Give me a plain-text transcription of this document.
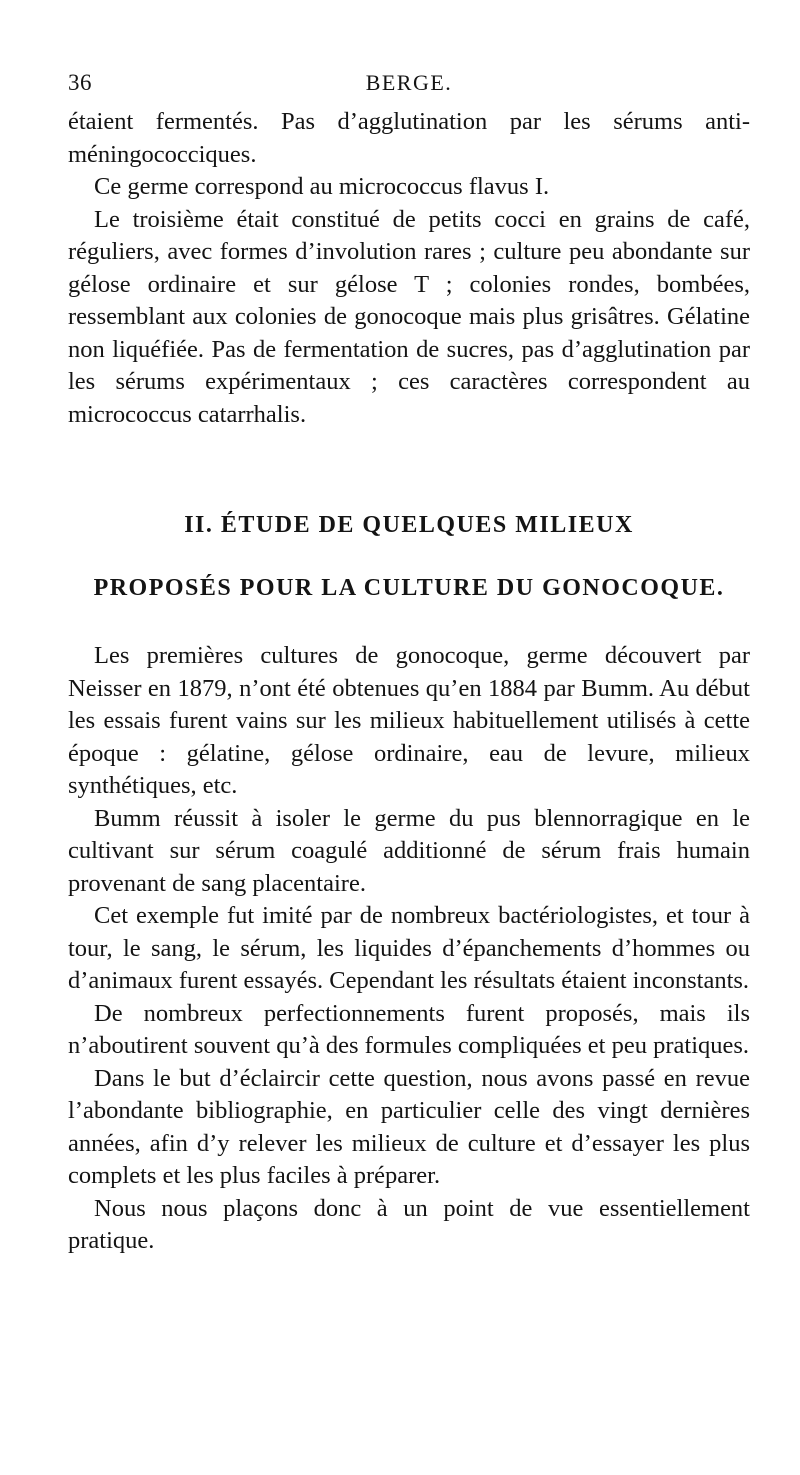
36	BERGE.

étaient fermentés. Pas d’agglutination par les sérums anti-méningococciques.

Ce germe correspond au micrococcus flavus I.

Le troisième était constitué de petits cocci en grains de café, réguliers, avec formes d’involution rares ; culture peu abondante sur gélose ordinaire et sur gélose T ; colonies rondes, bombées, ressemblant aux colonies de gonocoque mais plus grisâtres. Gélatine non liquéfiée. Pas de fermentation de sucres, pas d’agglutination par les sérums expérimentaux ; ces caractères correspondent au micrococcus catarrhalis.

II. ÉTUDE DE QUELQUES MILIEUX
PROPOSÉS POUR LA CULTURE DU GONOCOQUE.

Les premières cultures de gonocoque, germe découvert par Neisser en 1879, n’ont été obtenues qu’en 1884 par Bumm. Au début les essais furent vains sur les milieux habituellement utilisés à cette époque : gélatine, gélose ordinaire, eau de levure, milieux synthétiques, etc.

Bumm réussit à isoler le germe du pus blennorragique en le cultivant sur sérum coagulé additionné de sérum frais humain provenant de sang placentaire.

Cet exemple fut imité par de nombreux bactériologistes, et tour à tour, le sang, le sérum, les liquides d’épanchements d’hommes ou d’animaux furent essayés. Cependant les résultats étaient inconstants.

De nombreux perfectionnements furent proposés, mais ils n’aboutirent souvent qu’à des formules compliquées et peu pratiques.

Dans le but d’éclaircir cette question, nous avons passé en revue l’abondante bibliographie, en particulier celle des vingt dernières années, afin d’y relever les milieux de culture et d’essayer les plus complets et les plus faciles à préparer.

Nous nous plaçons donc à un point de vue essentiellement pratique.
